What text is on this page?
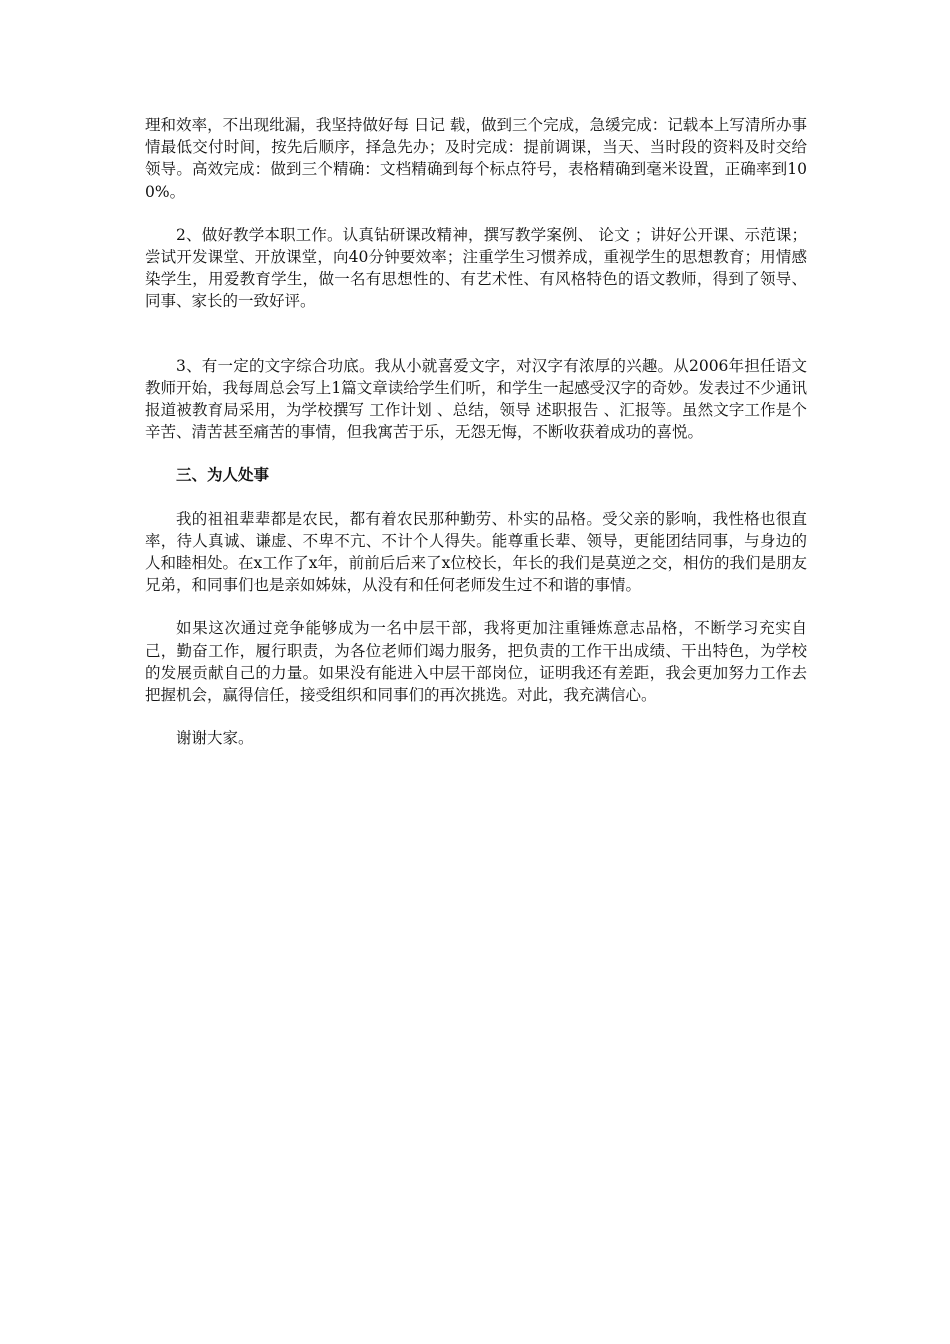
理和效率，不出现纰漏，我坚持做好每 日记 载，做到三个完成，急缓完成：记载本上写清所办事情最低交付时间，按先后顺序，择急先办；及时完成：提前调课，当天、当时段的资料及时交给领导。高效完成：做到三个精确：文档精确到每个标点符号，表格精确到毫米设置，正确率到100%。

2、做好教学本职工作。认真钻研课改精神，撰写教学案例、 论文 ；讲好公开课、示范课；尝试开发课堂、开放课堂，向40分钟要效率；注重学生习惯养成，重视学生的思想教育；用情感染学生，用爱教育学生，做一名有思想性的、有艺术性、有风格特色的语文教师，得到了领导、同事、家长的一致好评。

3、有一定的文字综合功底。我从小就喜爱文字，对汉字有浓厚的兴趣。从2006年担任语文教师开始，我每周总会写上1篇文章读给学生们听，和学生一起感受汉字的奇妙。发表过不少通讯报道被教育局采用，为学校撰写 工作计划 、总结，领导 述职报告 、汇报等。虽然文字工作是个辛苦、清苦甚至痛苦的事情，但我寓苦于乐，无怨无悔，不断收获着成功的喜悦。

三、为人处事

我的祖祖辈辈都是农民，都有着农民那种勤劳、朴实的品格。受父亲的影响，我性格也很直率，待人真诚、谦虚、不卑不亢、不计个人得失。能尊重长辈、领导，更能团结同事，与身边的人和睦相处。在x工作了x年，前前后后来了x位校长，年长的我们是莫逆之交，相仿的我们是朋友兄弟，和同事们也是亲如姊妹，从没有和任何老师发生过不和谐的事情。

如果这次通过竞争能够成为一名中层干部，我将更加注重锤炼意志品格，不断学习充实自己，勤奋工作，履行职责，为各位老师们竭力服务，把负责的工作干出成绩、干出特色，为学校的发展贡献自己的力量。如果没有能进入中层干部岗位，证明我还有差距，我会更加努力工作去把握机会，赢得信任，接受组织和同事们的再次挑选。对此，我充满信心。

谢谢大家。
